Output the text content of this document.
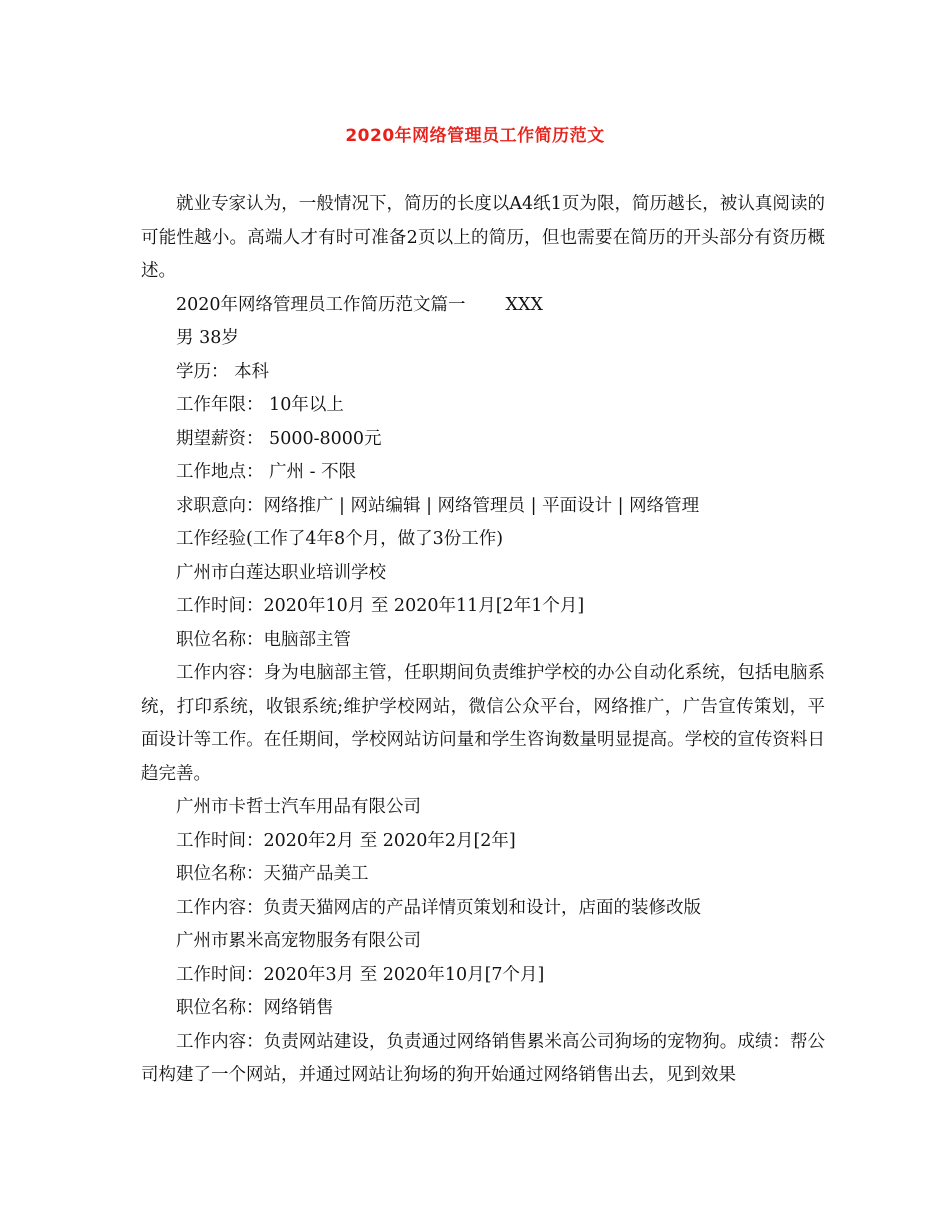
2020年网络管理员工作简历范文

就业专家认为，一般情况下，简历的长度以A4纸1页为限，简历越长，被认真阅读的可能性越小。高端人才有时可准备2页以上的简历，但也需要在简历的开头部分有资历概述。

2020年网络管理员工作简历范文篇一 XXX

男 38岁

学历： 本科

工作年限： 10年以上

期望薪资： 5000-8000元

工作地点： 广州 - 不限

求职意向：网络推广 | 网站编辑 | 网络管理员 | 平面设计 | 网络管理

工作经验(工作了4年8个月，做了3份工作)

广州市白莲达职业培训学校

工作时间：2020年10月 至 2020年11月[2年1个月]

职位名称：电脑部主管

工作内容：身为电脑部主管，任职期间负责维护学校的办公自动化系统，包括电脑系统，打印系统，收银系统;维护学校网站，微信公众平台，网络推广，广告宣传策划，平面设计等工作。在任期间，学校网站访问量和学生咨询数量明显提高。学校的宣传资料日趋完善。

广州市卡哲士汽车用品有限公司

工作时间：2020年2月 至 2020年2月[2年]

职位名称：天猫产品美工

工作内容：负责天猫网店的产品详情页策划和设计，店面的装修改版

广州市累米高宠物服务有限公司

工作时间：2020年3月 至 2020年10月[7个月]

职位名称：网络销售

工作内容：负责网站建设，负责通过网络销售累米高公司狗场的宠物狗。成绩：帮公司构建了一个网站，并通过网站让狗场的狗开始通过网络销售出去，见到效果
